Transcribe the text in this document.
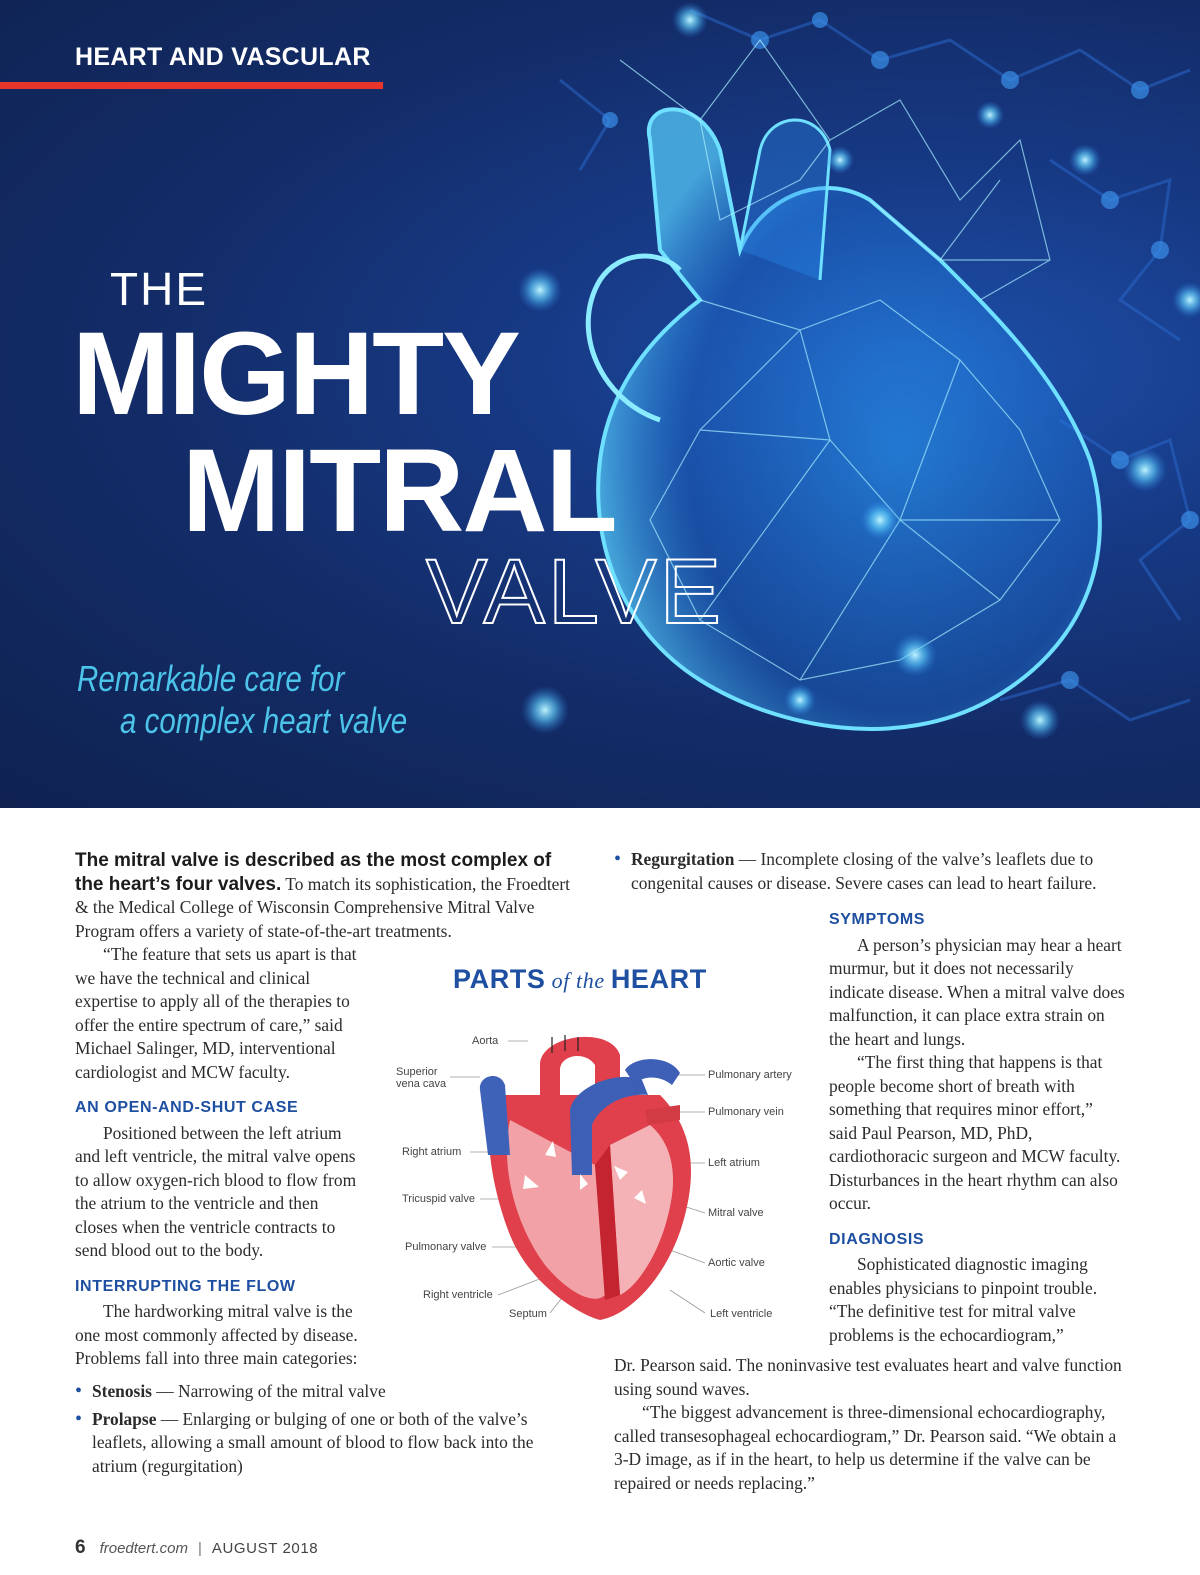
HEART AND VASCULAR
THE
MIGHTY
MITRAL
VALVE
Remarkable care for
a complex heart valve
The mitral valve is described as the most complex of the heart’s four valves. To match its sophistication, the Froedtert & the Medical College of Wisconsin Comprehensive Mitral Valve Program offers a variety of state-of-the-art treatments.

“The feature that sets us apart is that we have the technical and clinical expertise to apply all of the therapies to offer the entire spectrum of care,” said Michael Salinger, MD, interventional cardiologist and MCW faculty.

AN OPEN-AND-SHUT CASE

Positioned between the left atrium and left ventricle, the mitral valve opens to allow oxygen-rich blood to flow from the atrium to the ventricle and then closes when the ventricle contracts to send blood out to the body.

INTERRUPTING THE FLOW

The hardworking mitral valve is the one most commonly affected by disease. Problems fall into three main categories:

• Stenosis — Narrowing of the mitral valve

• Prolapse — Enlarging or bulging of one or both of the valve’s leaflets, allowing a small amount of blood to flow back into the atrium (regurgitation)

• Regurgitation — Incomplete closing of the valve’s leaflets due to congenital causes or disease. Severe cases can lead to heart failure.

SYMPTOMS

A person’s physician may hear a heart murmur, but it does not necessarily indicate disease. When a mitral valve does malfunction, it can place extra strain on the heart and lungs.

“The first thing that happens is that people become short of breath with something that requires minor effort,” said Paul Pearson, MD, PhD, cardiothoracic surgeon and MCW faculty. Disturbances in the heart rhythm can also occur.

DIAGNOSIS

Sophisticated diagnostic imaging enables physicians to pinpoint trouble. “The definitive test for mitral valve problems is the echocardiogram,”

Dr. Pearson said. The noninvasive test evaluates heart and valve function using sound waves.

“The biggest advancement is three-dimensional echocardiography, called transesophageal echocardiogram,” Dr. Pearson said. “We obtain a 3-D image, as if in the heart, to help us determine if the valve can be repaired or needs replacing.”

PARTS of the HEART
Aorta
Superior
vena cava
Right atrium
Tricuspid valve
Pulmonary valve
Right ventricle
Septum
Pulmonary artery
Pulmonary vein
Left atrium
Mitral valve
Aortic valve
Left ventricle
6 froedtert.com | AUGUST 2018
